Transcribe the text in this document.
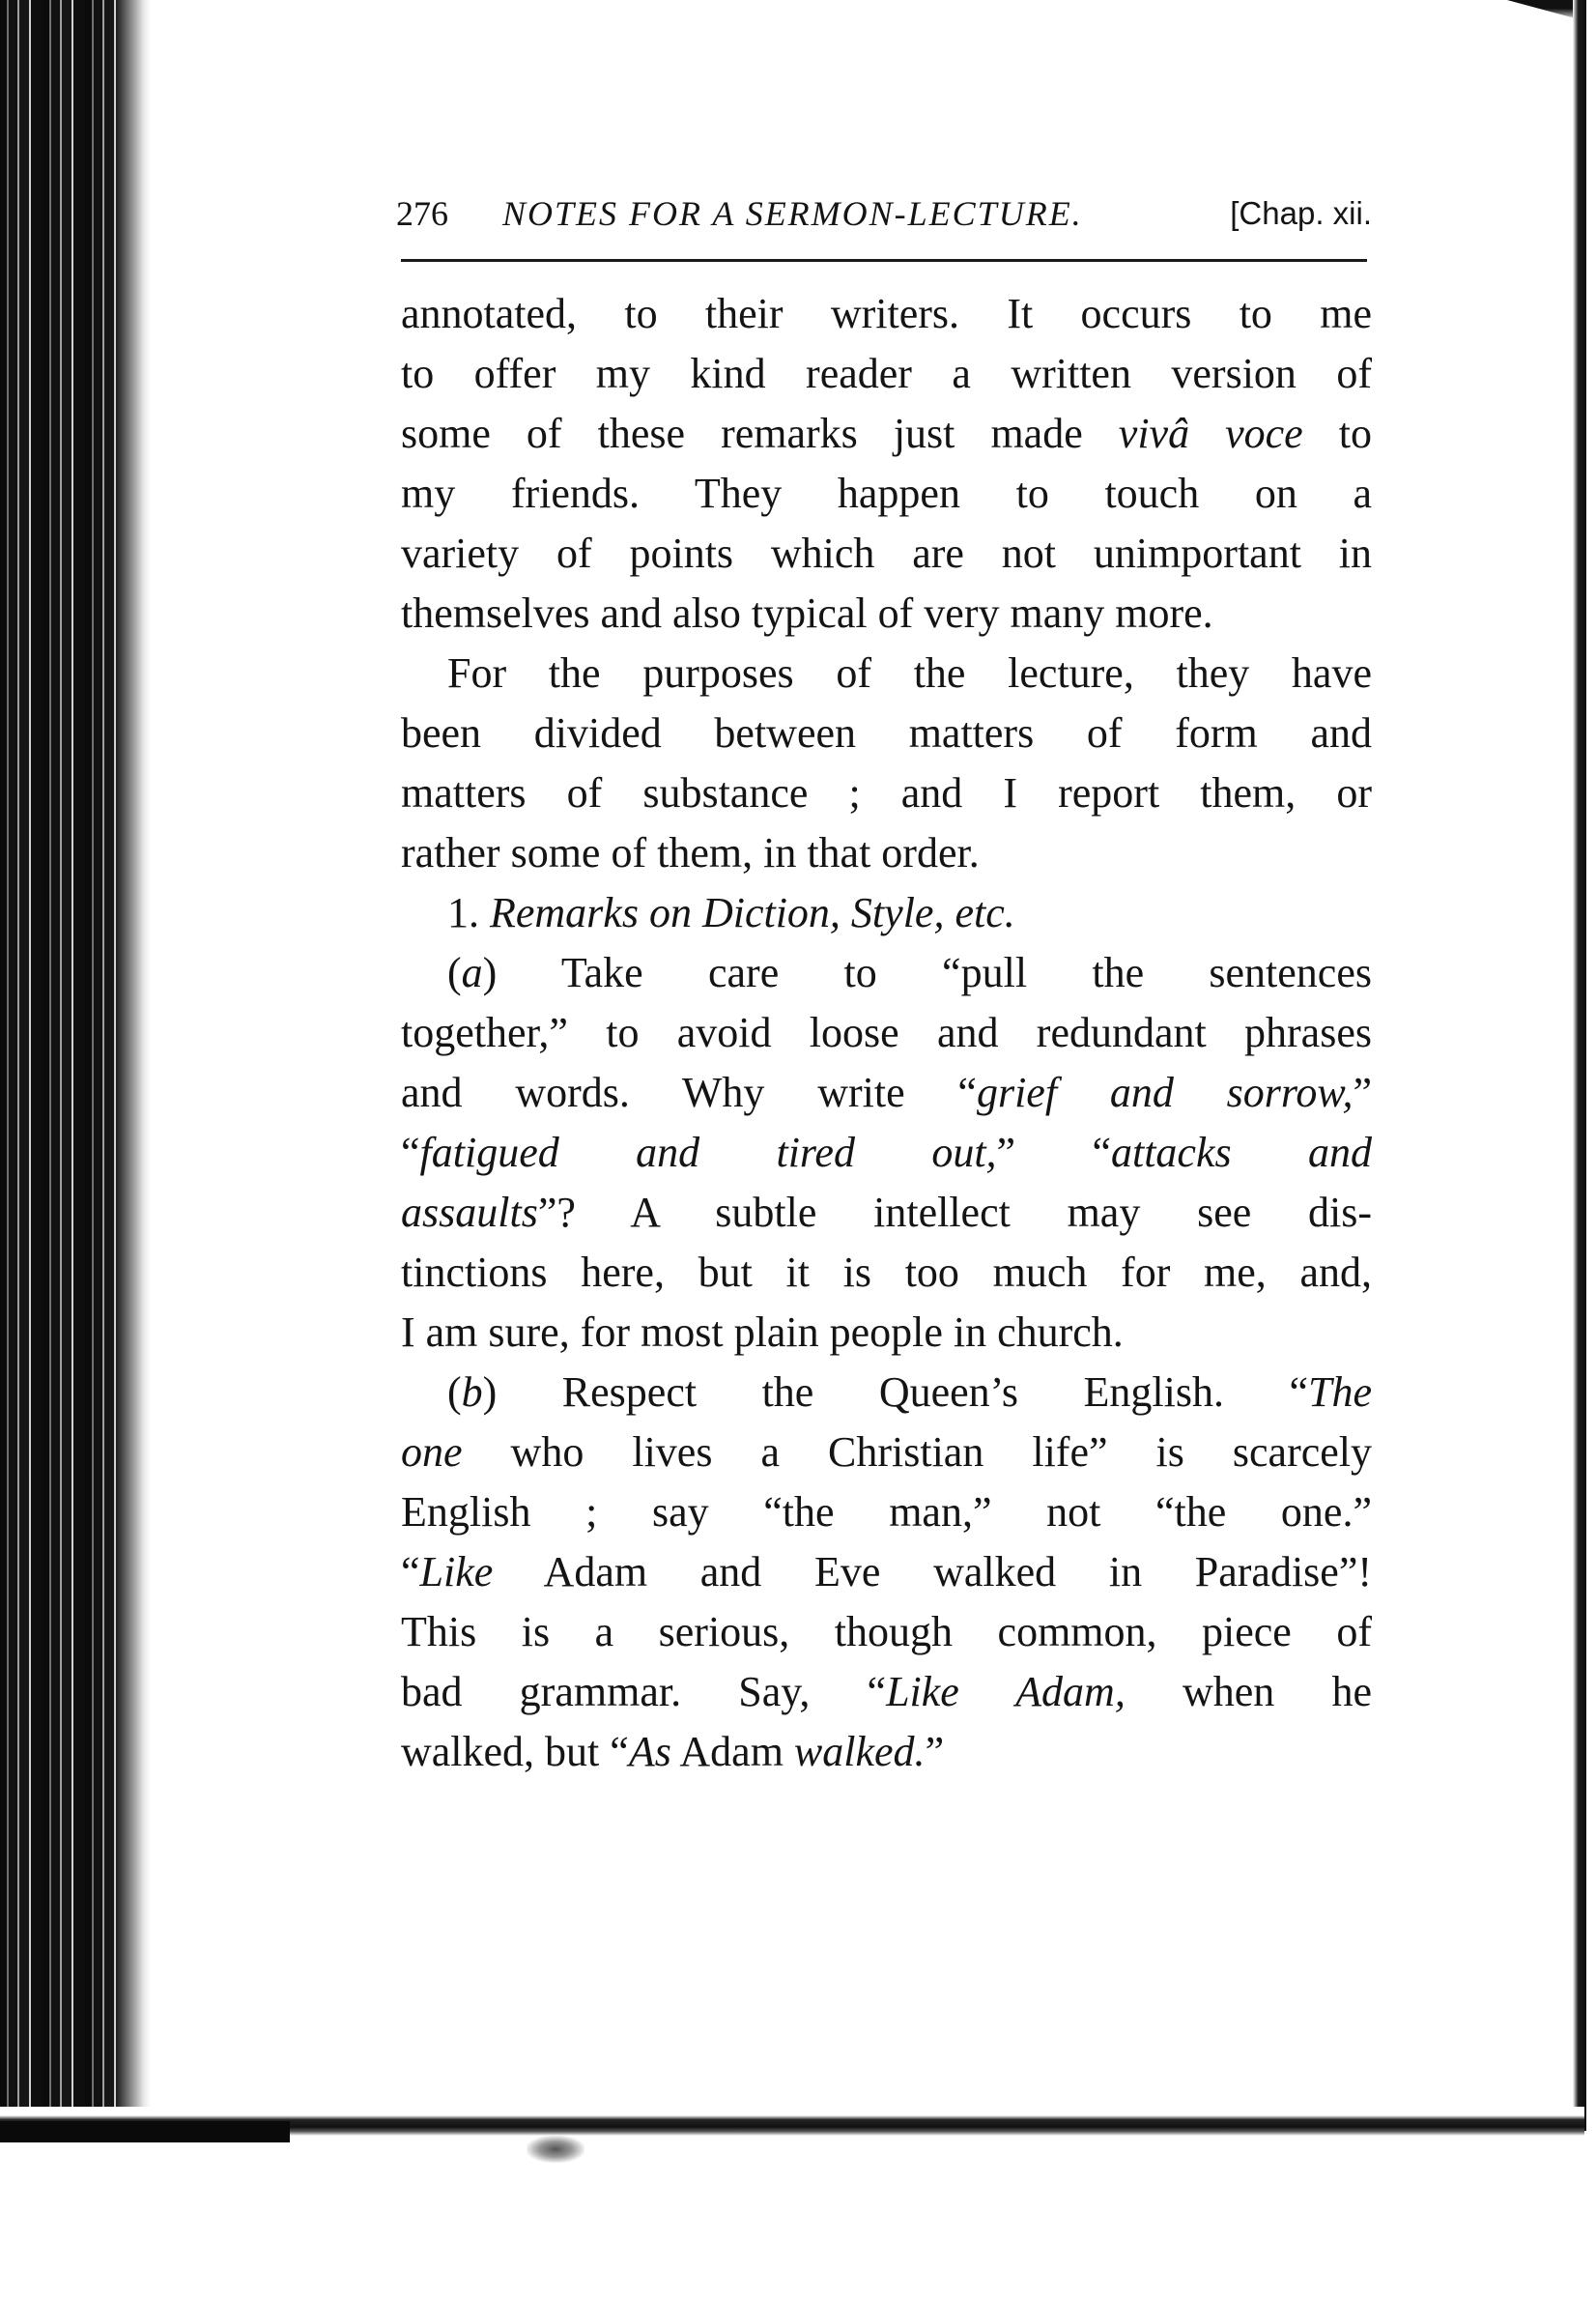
276 NOTES FOR A SERMON-LECTURE.	[Chap. xii.
annotated, to their writers. It occurs to me
to offer my kind reader a written version of
some of these remarks just made vivâ voce to
my friends. They happen to touch on a
variety of points which are not unimportant in
themselves and also typical of very many more.
For the purposes of the lecture, they have
been divided between matters of form and
matters of substance ; and I report them, or
rather some of them, in that order.
1. Remarks on Diction, Style, etc.
(a) Take care to “pull the sentences
together,” to avoid loose and redundant phrases
and words. Why write “grief and sorrow,”
“fatigued and tired out,” “attacks and
assaults”? A subtle intellect may see dis-
tinctions here, but it is too much for me, and,
I am sure, for most plain people in church.
(b) Respect the Queen’s English. “The
one who lives a Christian life” is scarcely
English ; say “the man,” not “the one.”
“Like Adam and Eve walked in Paradise”!
This is a serious, though common, piece of
bad grammar. Say, “Like Adam, when he
walked, but “As Adam walked.”
